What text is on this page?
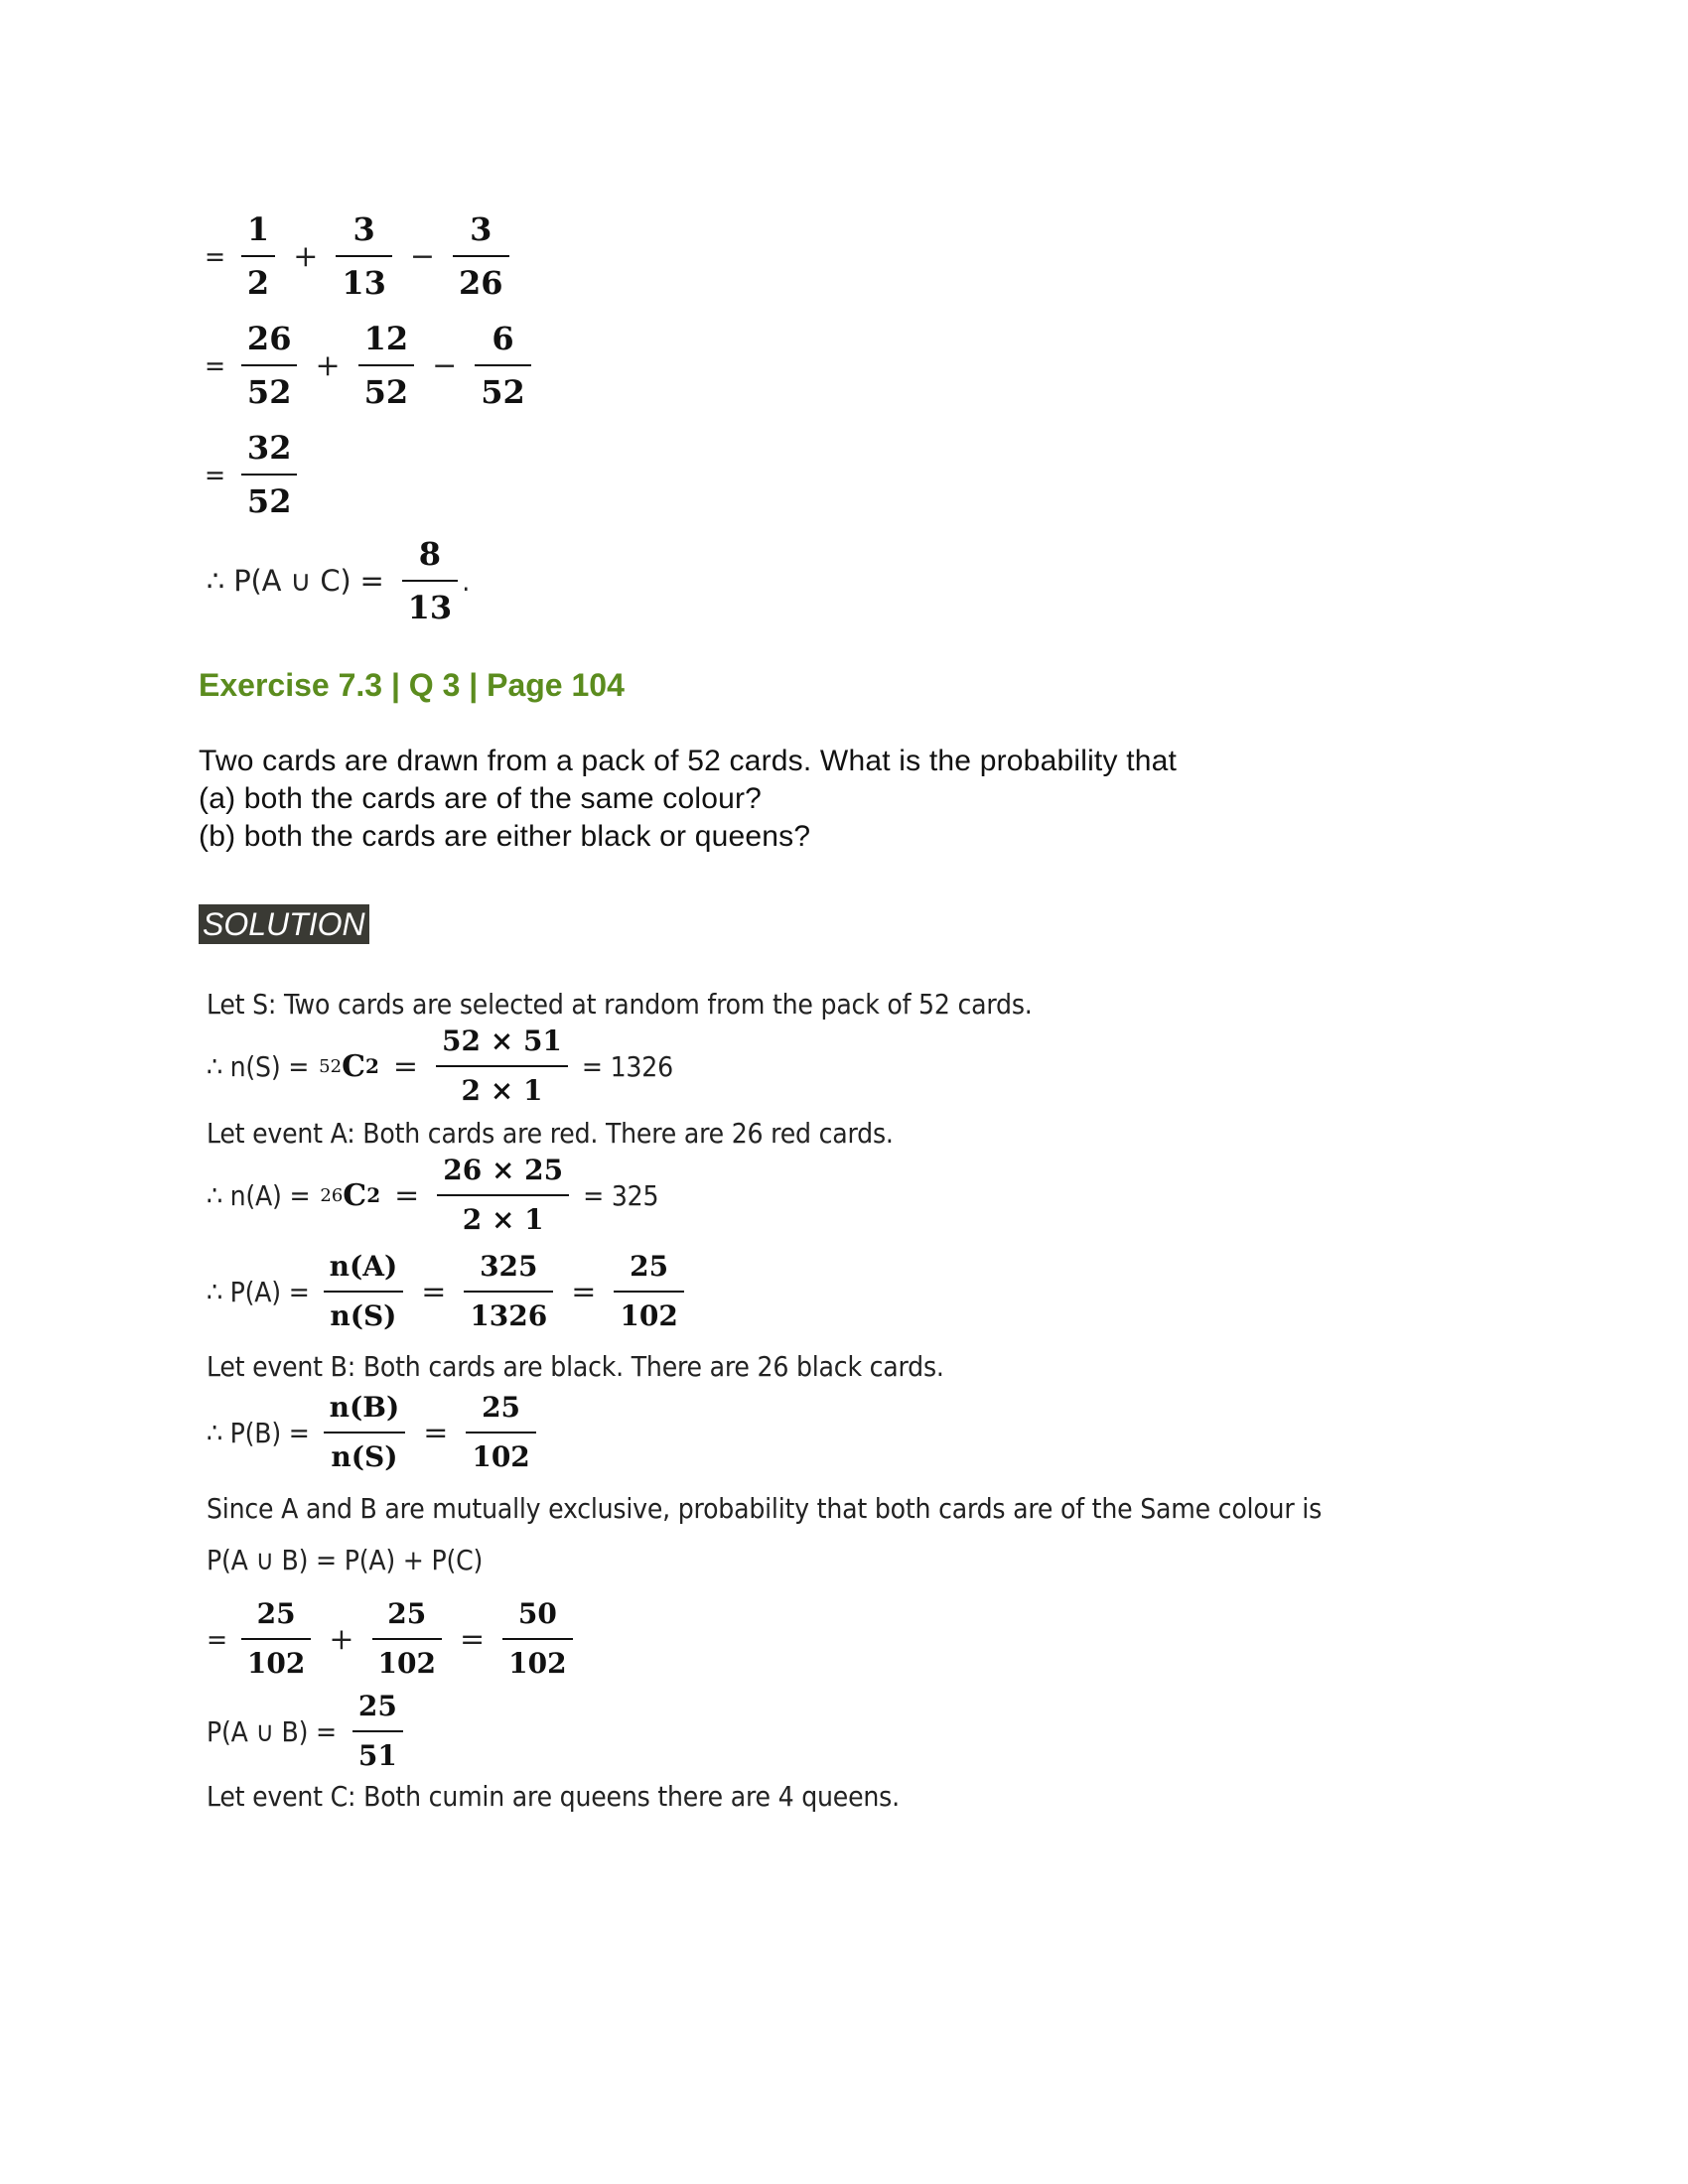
= $\frac{1}{2} + \frac{3}{13} - \frac{3}{26}$
= $\frac{26}{52} + \frac{12}{52} - \frac{6}{52}$
= $\frac{32}{52}$
∴ P(A ∪ $C) = \frac{8}{13}$ .
Exercise 7.3 | Q 3 | Page 104
Two cards are drawn from a pack of 52 cards. What is the probability that
(a) both the cards are of the same colour?
(b) both the cards are either black or queens?
SOLUTION
Let S: Two cards are selected at random from the pack of 52 cards.
∴ n(S) = 52 C $2 = \frac{52 \times 51}{2 \times 1} = 1326$
Let event A: Both cards are red. There are 26 red cards.
∴ n(A) = 26 C $2 = \frac{26 \times 25}{2 \times 1} = 325$
∴ $P(A) = \frac{n(A)}{n(S)} = \frac{325}{1326} = \frac{25}{102}$
Let event B: Both cards are black. There are 26 black cards.
∴ $P(B) = \frac{n(B)}{n(S)} = \frac{25}{102}$
Since A and B are mutually exclusive, probability that both cards are of the Same colour is
P(A ∪ B) = P(A) + P(C)
= $\frac{25}{102} + \frac{25}{102} = \frac{50}{102}$
P(A ∪ $B) = \frac{25}{51}$
Let event C: Both cumin are queens there are 4 queens.
